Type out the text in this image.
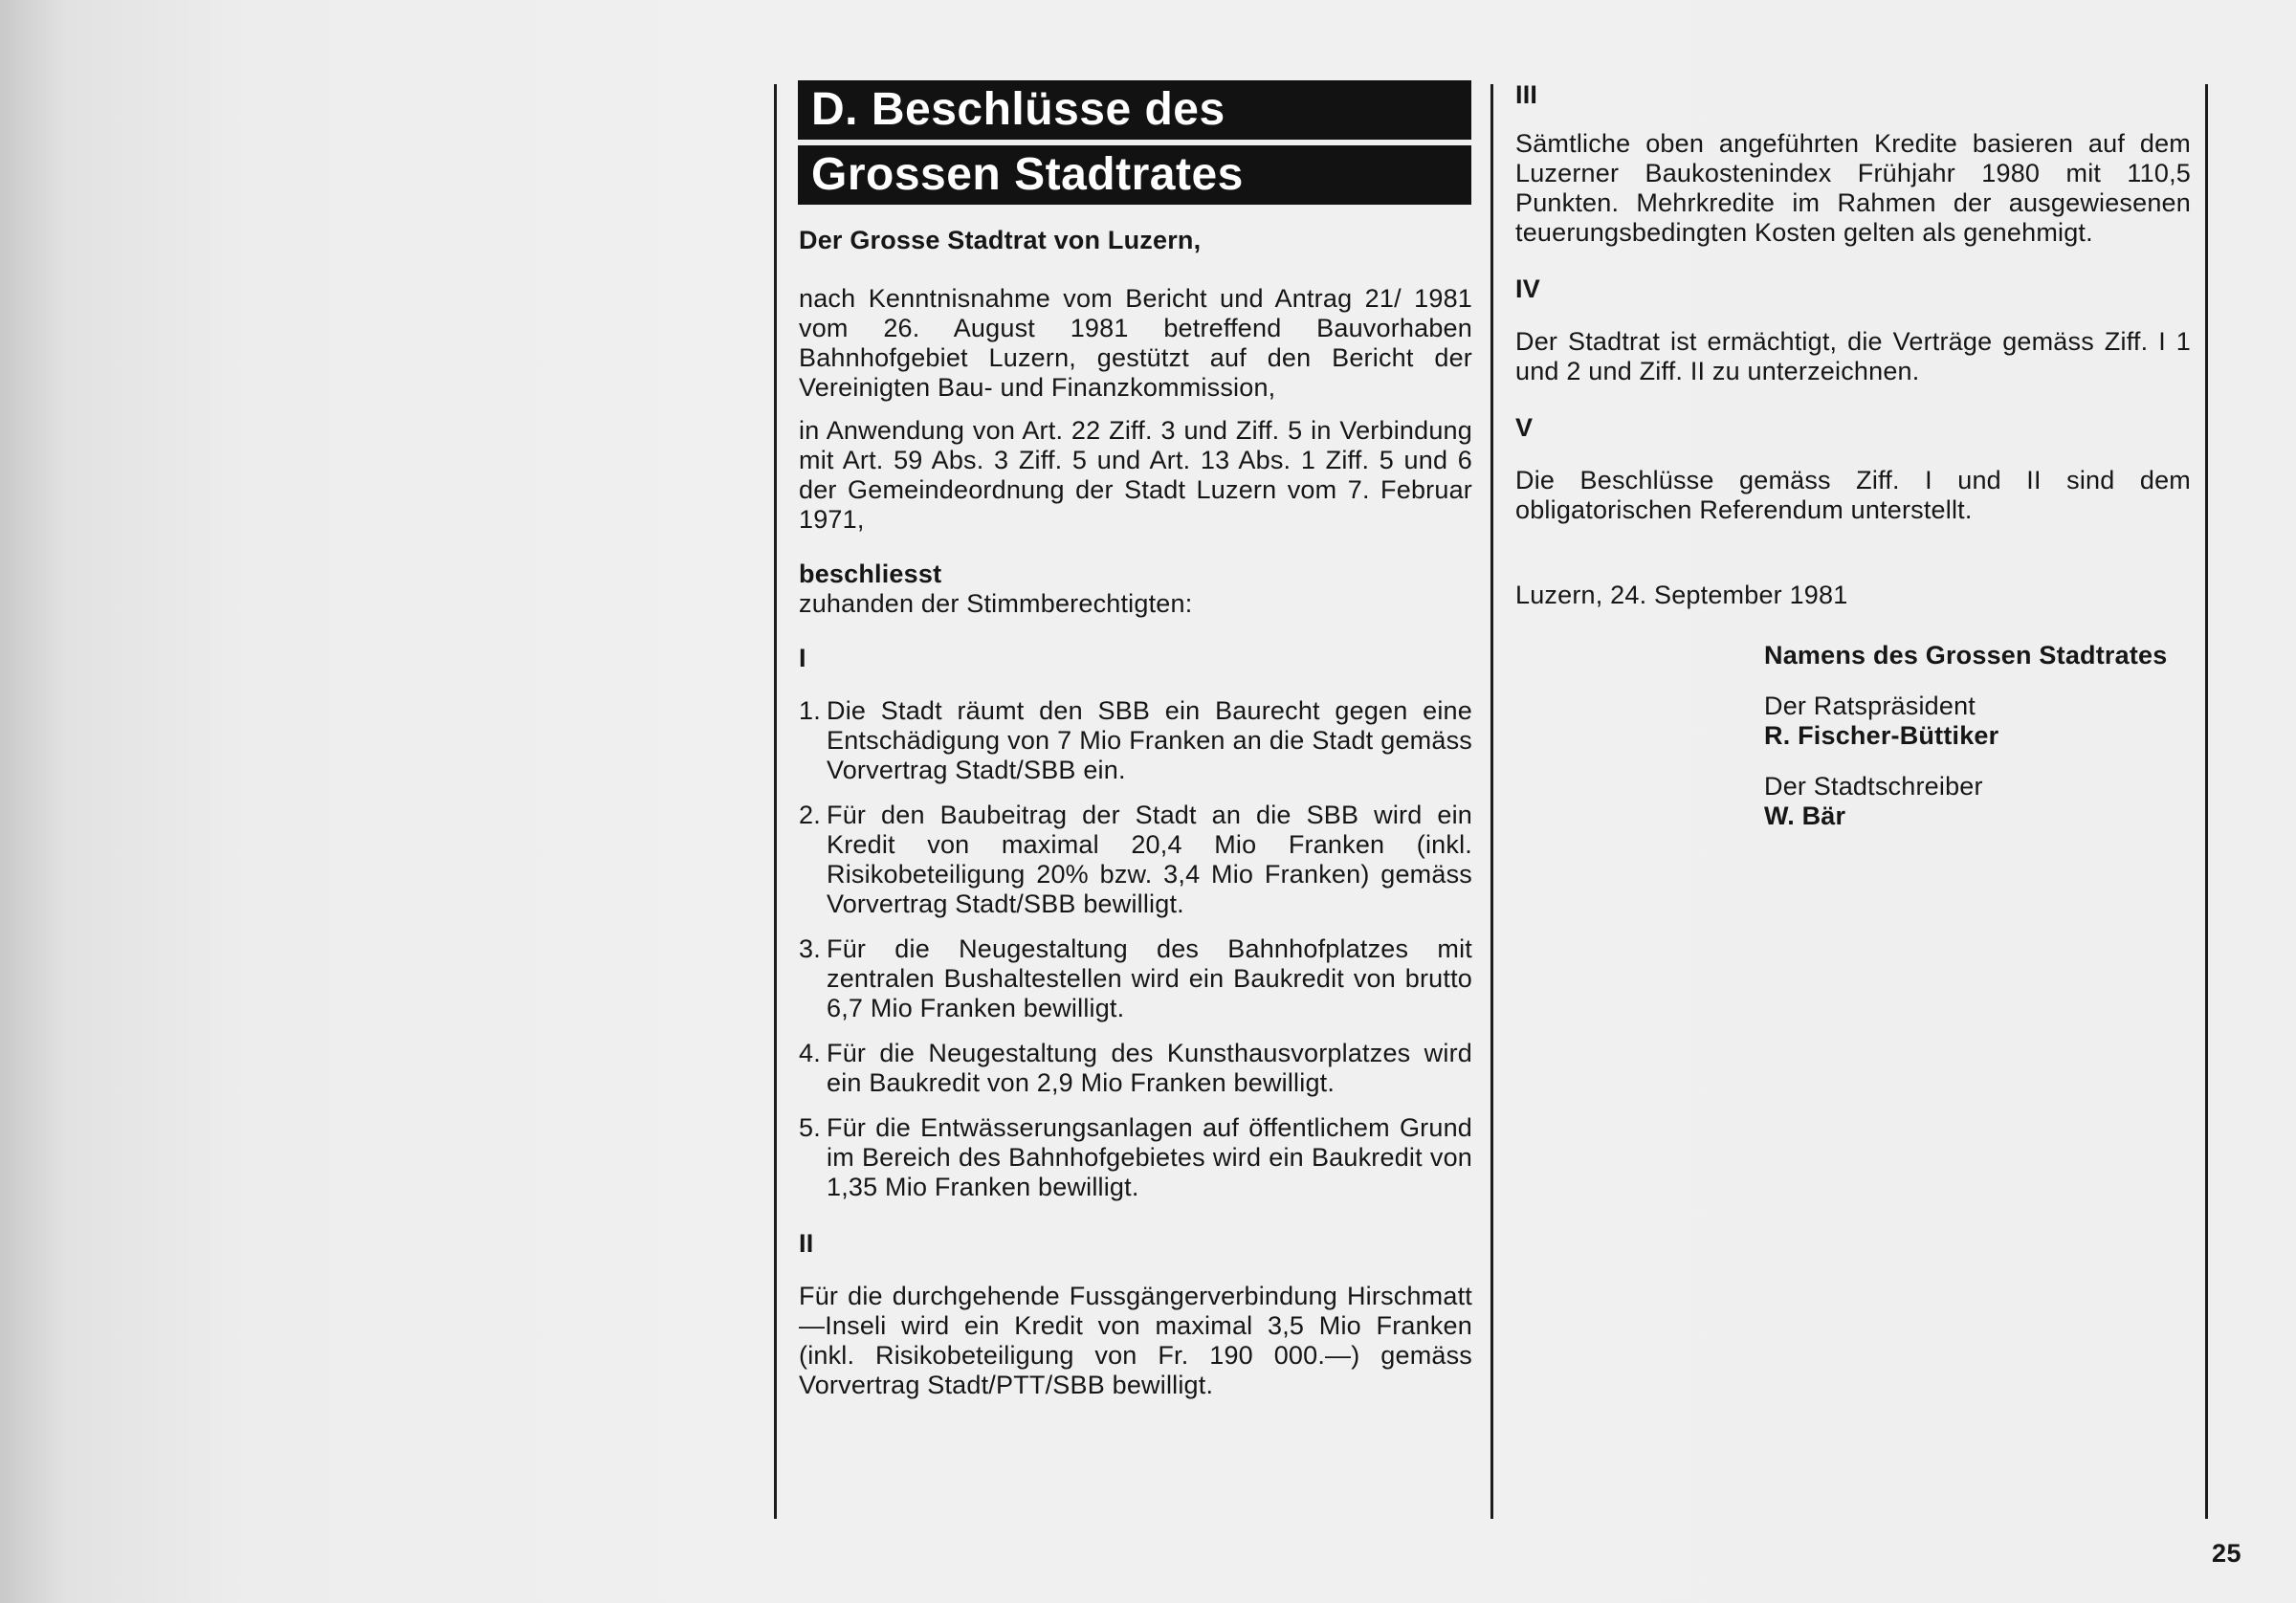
D. Beschlüsse des
Grossen Stadtrates
Der Grosse Stadtrat von Luzern,

nach Kenntnisnahme vom Bericht und Antrag 21/ 1981 vom 26. August 1981 betreffend Bauvorhaben Bahnhofgebiet Luzern, gestützt auf den Bericht der Vereinigten Bau- und Finanzkommission,

in Anwendung von Art. 22 Ziff. 3 und Ziff. 5 in Verbindung mit Art. 59 Abs. 3 Ziff. 5 und Art. 13 Abs. 1 Ziff. 5 und 6 der Gemeindeordnung der Stadt Luzern vom 7. Februar 1971,

beschliesst
zuhanden der Stimmberechtigten:
I
1. Die Stadt räumt den SBB ein Baurecht gegen eine Entschädigung von 7 Mio Franken an die Stadt gemäss Vorvertrag Stadt/SBB ein.
2. Für den Baubeitrag der Stadt an die SBB wird ein Kredit von maximal 20,4 Mio Franken (inkl. Risikobeteiligung 20% bzw. 3,4 Mio Franken) gemäss Vorvertrag Stadt/SBB bewilligt.
3. Für die Neugestaltung des Bahnhofplatzes mit zentralen Bushaltestellen wird ein Baukredit von brutto 6,7 Mio Franken bewilligt.
4. Für die Neugestaltung des Kunsthausvorplatzes wird ein Baukredit von 2,9 Mio Franken bewilligt.
5. Für die Entwässerungsanlagen auf öffentlichem Grund im Bereich des Bahnhofgebietes wird ein Baukredit von 1,35 Mio Franken bewilligt.
II

Für die durchgehende Fussgängerverbindung Hirschmatt—Inseli wird ein Kredit von maximal 3,5 Mio Franken (inkl. Risikobeteiligung von Fr. 190 000.—) gemäss Vorvertrag Stadt/PTT/SBB bewilligt.

III

Sämtliche oben angeführten Kredite basieren auf dem Luzerner Baukostenindex Frühjahr 1980 mit 110,5 Punkten. Mehrkredite im Rahmen der ausgewiesenen teuerungsbedingten Kosten gelten als genehmigt.

IV

Der Stadtrat ist ermächtigt, die Verträge gemäss Ziff. I 1 und 2 und Ziff. II zu unterzeichnen.

V

Die Beschlüsse gemäss Ziff. I und II sind dem obligatorischen Referendum unterstellt.

Luzern, 24. September 1981
Namens des Grossen Stadtrates
Der Ratspräsident
R. Fischer-Büttiker
Der Stadtschreiber
W. Bär
25
